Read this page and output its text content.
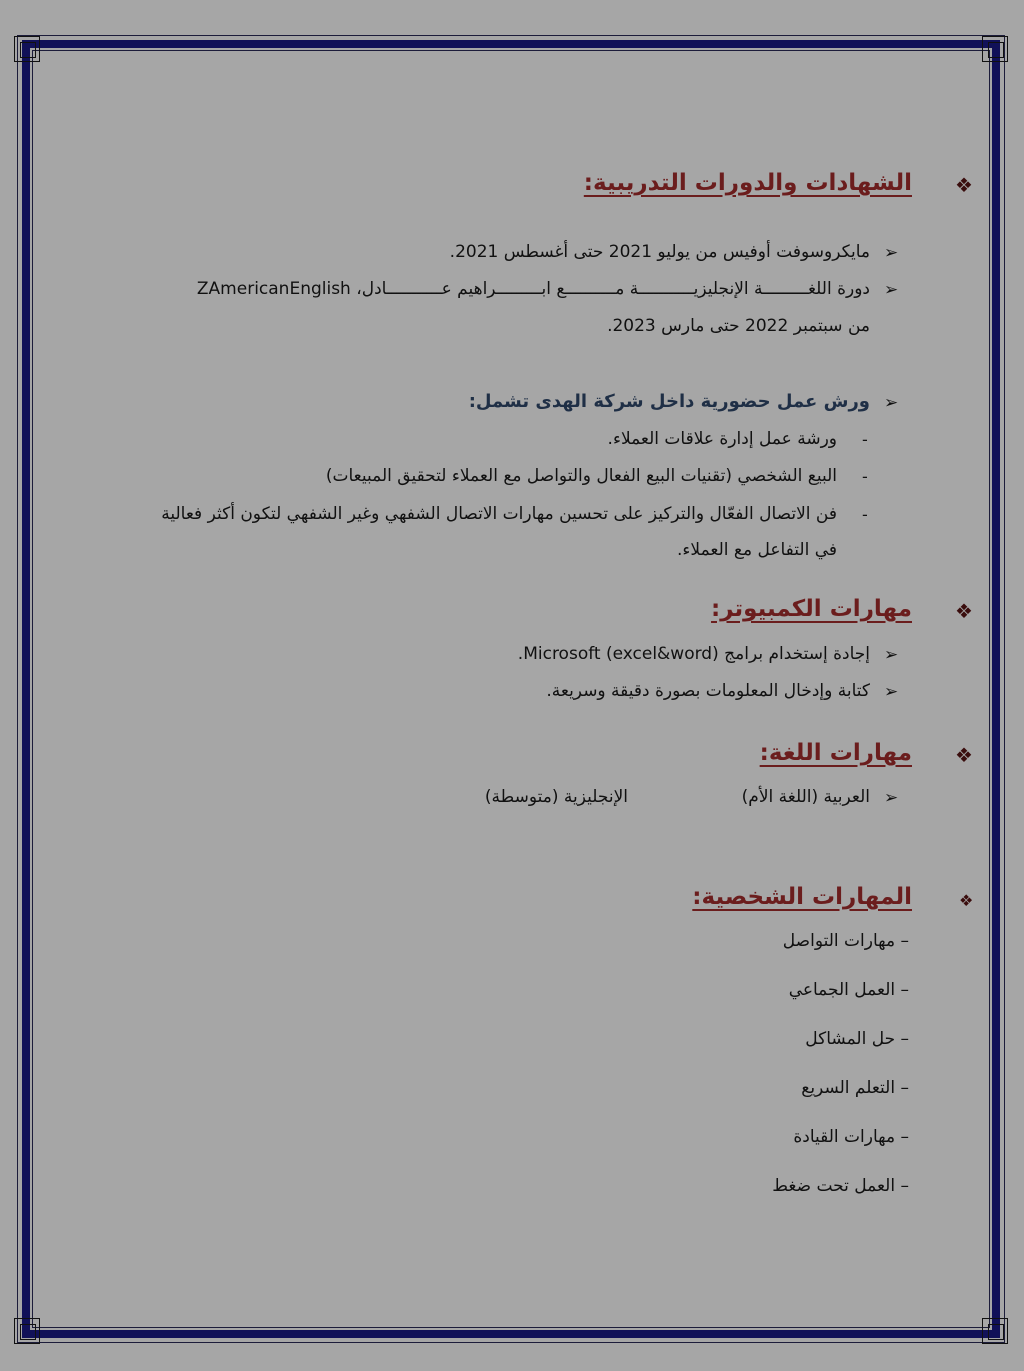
❖
الشهادات والدورات التدريبية:
➢
مايكروسوفت أوفيس من يوليو 2021 حتى أغسطس 2021.
➢
دورة اللغـــــــــة الإنجليزيـــــــــــة مــــــــــع ابـــــــــراهيم عـــــــــــادل، ZAmericanEnglish
من سبتمبر 2022 حتى مارس 2023.
➢
ورش عمل حضورية داخل شركة الهدى تشمل:
-
ورشة عمل إدارة علاقات العملاء.
-
البيع الشخصي (تقنيات البيع الفعال والتواصل مع العملاء لتحقيق المبيعات)
-
فن الاتصال الفعّال والتركيز على تحسين مهارات الاتصال الشفهي وغير الشفهي لتكون أكثر فعالية
في التفاعل مع العملاء.
❖
مهارات الكمبيوتر:
➢
إجادة إستخدام برامج Microsoft (excel&word).
➢
كتابة وإدخال المعلومات بصورة دقيقة وسريعة.
❖
مهارات اللغة:
➢
العربية (اللغة الأم)
الإنجليزية (متوسطة)
❖
المهارات الشخصية:
– مهارات التواصل
– العمل الجماعي
– حل المشاكل
– التعلم السريع
– مهارات القيادة
– العمل تحت ضغط
